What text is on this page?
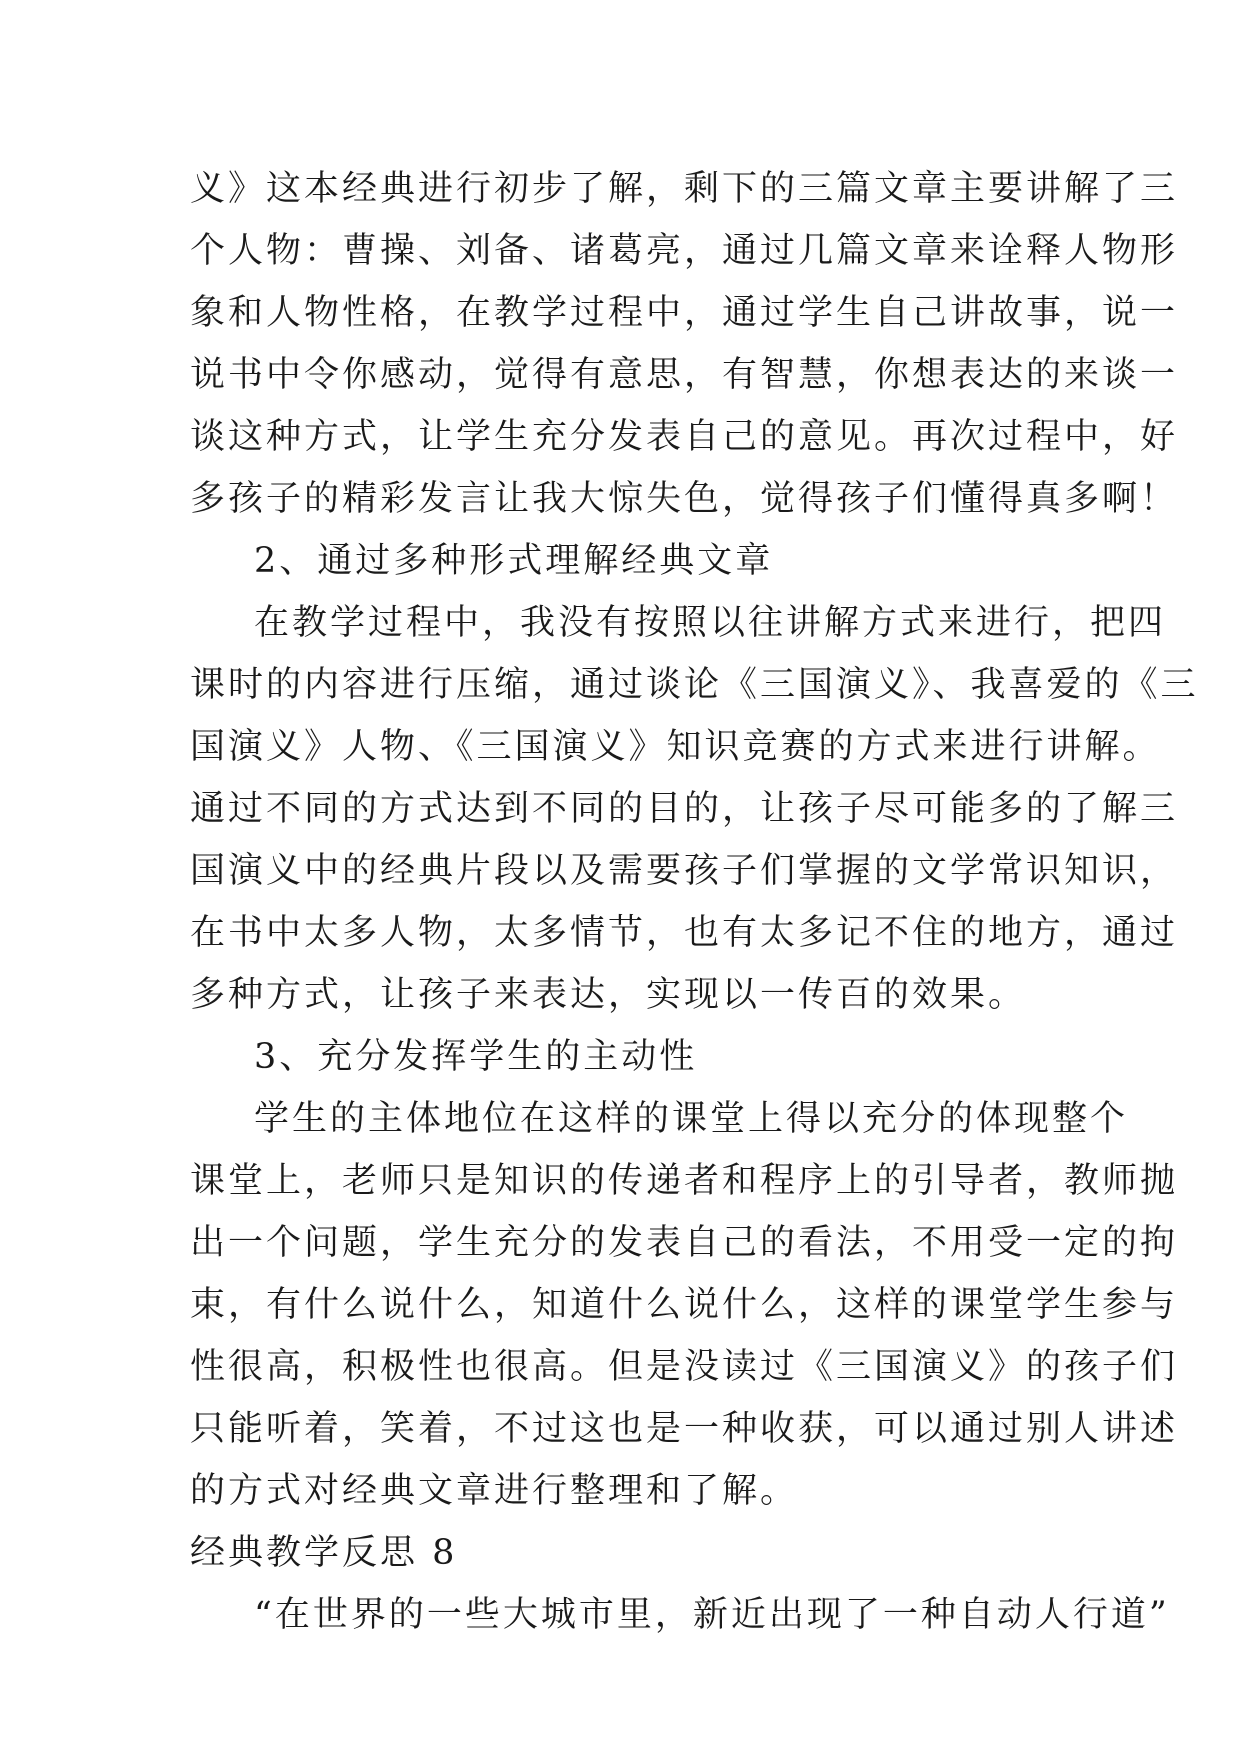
义》这本经典进行初步了解，剩下的三篇文章主要讲解了三
个人物：曹操、刘备、诸葛亮，通过几篇文章来诠释人物形
象和人物性格，在教学过程中，通过学生自己讲故事，说一
说书中令你感动，觉得有意思，有智慧，你想表达的来谈一
谈这种方式，让学生充分发表自己的意见。再次过程中，好
多孩子的精彩发言让我大惊失色，觉得孩子们懂得真多啊！
2、通过多种形式理解经典文章
在教学过程中，我没有按照以往讲解方式来进行，把四
课时的内容进行压缩，通过谈论《三国演义》、我喜爱的《三
国演义》人物、《三国演义》知识竞赛的方式来进行讲解。
通过不同的方式达到不同的目的，让孩子尽可能多的了解三
国演义中的经典片段以及需要孩子们掌握的文学常识知识，
在书中太多人物，太多情节，也有太多记不住的地方，通过
多种方式，让孩子来表达，实现以一传百的效果。
3、充分发挥学生的主动性
学生的主体地位在这样的课堂上得以充分的体现整个
课堂上，老师只是知识的传递者和程序上的引导者，教师抛
出一个问题，学生充分的发表自己的看法，不用受一定的拘
束，有什么说什么，知道什么说什么，这样的课堂学生参与
性很高，积极性也很高。但是没读过《三国演义》的孩子们
只能听着，笑着，不过这也是一种收获，可以通过别人讲述
的方式对经典文章进行整理和了解。
经典教学反思 8
“在世界的一些大城市里，新近出现了一种自动人行道”
